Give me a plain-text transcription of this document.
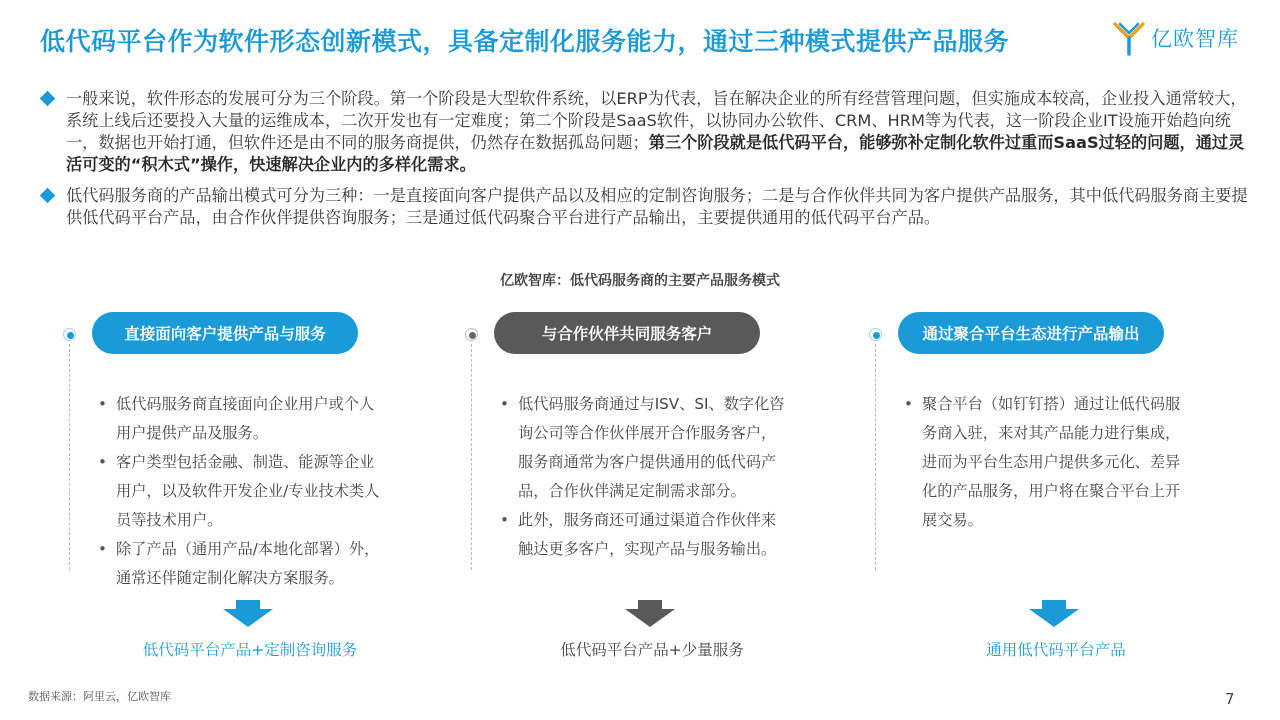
低代码平台作为软件形态创新模式，具备定制化服务能力，通过三种模式提供产品服务	亿欧智库
一般来说，软件形态的发展可分为三个阶段。第一个阶段是大型软件系统，以ERP为代表，旨在解决企业的所有经营管理问题，但实施成本较高，企业投入通常较大，系统上线后还要投入大量的运维成本，二次开发也有一定难度；第二个阶段是SaaS软件，以协同办公软件、CRM、HRM等为代表，这一阶段企业IT设施开始趋向统一，数据也开始打通，但软件还是由不同的服务商提供，仍然存在数据孤岛问题；第三个阶段就是低代码平台，能够弥补定制化软件过重而SaaS过轻的问题，通过灵活可变的“积木式”操作，快速解决企业内的多样化需求。
低代码服务商的产品输出模式可分为三种：一是直接面向客户提供产品以及相应的定制咨询服务；二是与合作伙伴共同为客户提供产品服务，其中低代码服务商主要提供低代码平台产品，由合作伙伴提供咨询服务；三是通过低代码聚合平台进行产品输出，主要提供通用的低代码平台产品。
亿欧智库：低代码服务商的主要产品服务模式
直接面向客户提供产品与服务
• 低代码服务商直接面向企业用户或个人用户提供产品及服务。
• 客户类型包括金融、制造、能源等企业用户，以及软件开发企业/专业技术类人员等技术用户。
• 除了产品（通用产品/本地化部署）外，通常还伴随定制化解决方案服务。
低代码平台产品+定制咨询服务
与合作伙伴共同服务客户
• 低代码服务商通过与ISV、SI、数字化咨询公司等合作伙伴展开合作服务客户，服务商通常为客户提供通用的低代码产品，合作伙伴满足定制需求部分。
• 此外，服务商还可通过渠道合作伙伴来触达更多客户，实现产品与服务输出。
低代码平台产品+少量服务
通过聚合平台生态进行产品输出
• 聚合平台（如钉钉搭）通过让低代码服务商入驻，来对其产品能力进行集成，进而为平台生态用户提供多元化、差异化的产品服务，用户将在聚合平台上开展交易。
通用低代码平台产品
数据来源：阿里云，亿欧智库	7
